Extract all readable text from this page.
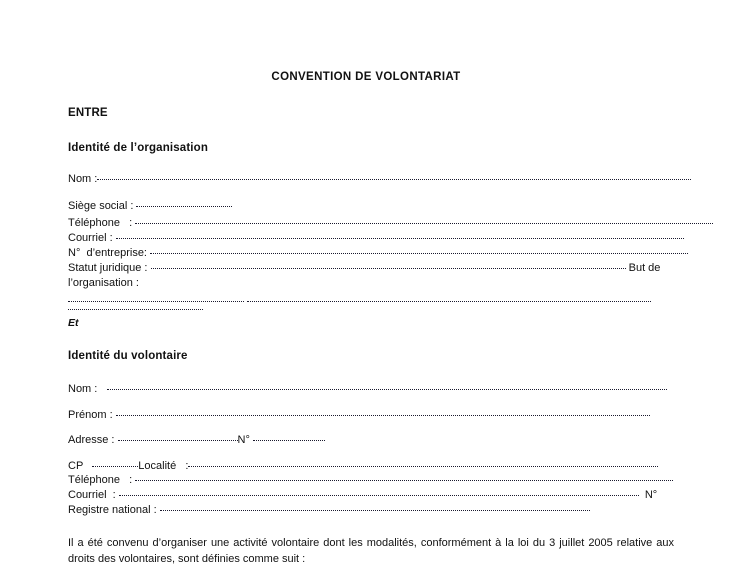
CONVENTION DE VOLONTARIAT
ENTRE
Identité de l’organisation
Nom :
Siège social :
Téléphone   :
Courriel :
N°  d’entreprise:
Statut juridique :	But de
l’organisation :

Et
Identité du volontaire
Nom :
Prénom :
Adresse :	N°
CP	Localité   :
Téléphone   :
Courriel  :	N°
Registre national :
Il a été convenu d’organiser une activité volontaire dont les modalités, conformément à la loi du 3 juillet 2005 relative aux droits des volontaires, sont définies comme suit :
